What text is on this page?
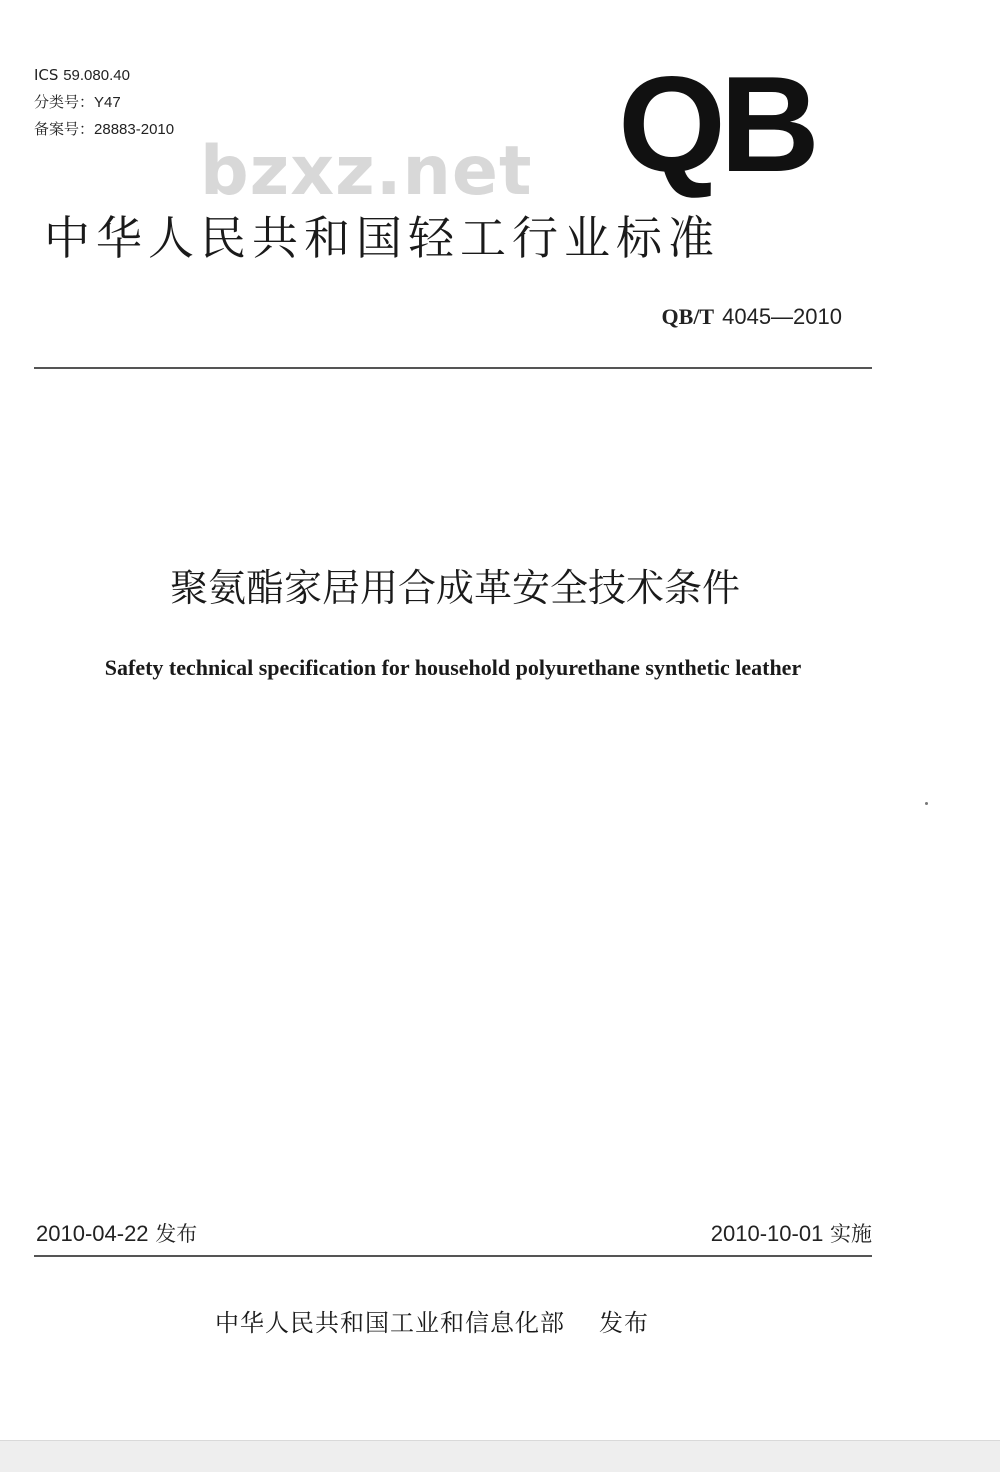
ICS 59.080.40
分类号：Y47
备案号：28883-2010	QB
bzxz.net
中华人民共和国轻工行业标准
QB/T 4045—2010
聚氨酯家居用合成革安全技术条件
Safety technical specification for household polyurethane synthetic leather
2010-04-22 发布	2010-10-01 实施
中华人民共和国工业和信息化部 发布
